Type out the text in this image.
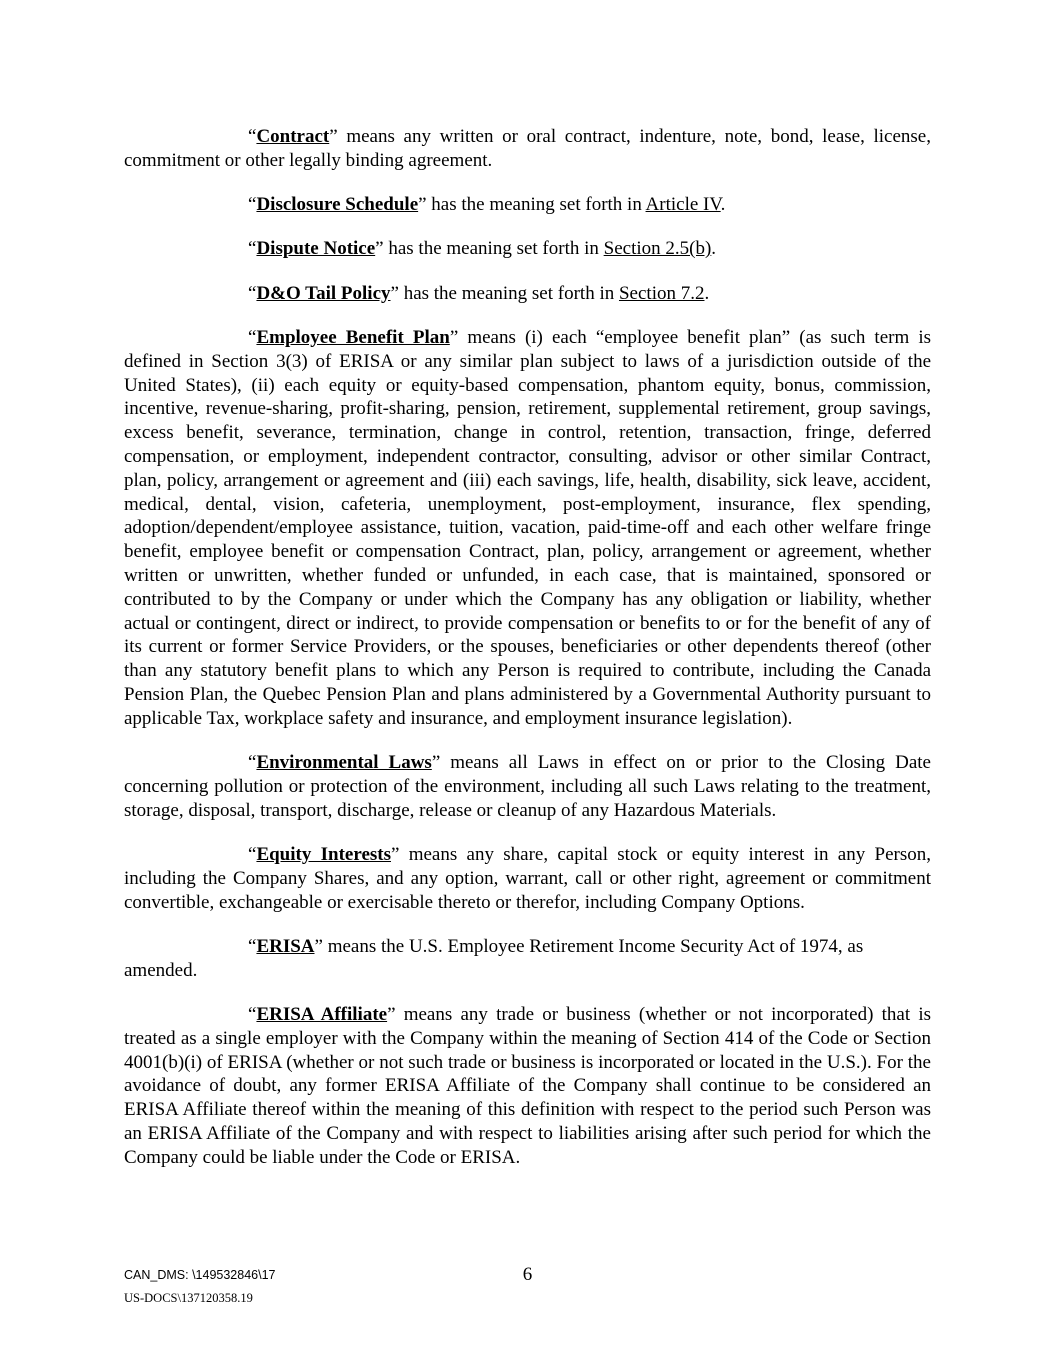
“Contract” means any written or oral contract, indenture, note, bond, lease, license, commitment or other legally binding agreement.

“Disclosure Schedule” has the meaning set forth in Article IV.

“Dispute Notice” has the meaning set forth in Section 2.5(b).

“D&O Tail Policy” has the meaning set forth in Section 7.2.

“Employee Benefit Plan” means (i) each “employee benefit plan” (as such term is defined in Section 3(3) of ERISA or any similar plan subject to laws of a jurisdiction outside of the United States), (ii) each equity or equity-based compensation, phantom equity, bonus, commission, incentive, revenue-sharing, profit-sharing, pension, retirement, supplemental retirement, group savings, excess benefit, severance, termination, change in control, retention, transaction, fringe, deferred compensation, or employment, independent contractor, consulting, advisor or other similar Contract, plan, policy, arrangement or agreement and (iii) each savings, life, health, disability, sick leave, accident, medical, dental, vision, cafeteria, unemployment, post-employment, insurance, flex spending, adoption/dependent/employee assistance, tuition, vacation, paid-time-off and each other welfare fringe benefit, employee benefit or compensation Contract, plan, policy, arrangement or agreement, whether written or unwritten, whether funded or unfunded, in each case, that is maintained, sponsored or contributed to by the Company or under which the Company has any obligation or liability, whether actual or contingent, direct or indirect, to provide compensation or benefits to or for the benefit of any of its current or former Service Providers, or the spouses, beneficiaries or other dependents thereof (other than any statutory benefit plans to which any Person is required to contribute, including the Canada Pension Plan, the Quebec Pension Plan and plans administered by a Governmental Authority pursuant to applicable Tax, workplace safety and insurance, and employment insurance legislation).

“Environmental Laws” means all Laws in effect on or prior to the Closing Date concerning pollution or protection of the environment, including all such Laws relating to the treatment, storage, disposal, transport, discharge, release or cleanup of any Hazardous Materials.

“Equity Interests” means any share, capital stock or equity interest in any Person, including the Company Shares, and any option, warrant, call or other right, agreement or commitment convertible, exchangeable or exercisable thereto or therefor, including Company Options.

“ERISA” means the U.S. Employee Retirement Income Security Act of 1974, as amended.

“ERISA Affiliate” means any trade or business (whether or not incorporated) that is treated as a single employer with the Company within the meaning of Section 414 of the Code or Section 4001(b)(i) of ERISA (whether or not such trade or business is incorporated or located in the U.S.). For the avoidance of doubt, any former ERISA Affiliate of the Company shall continue to be considered an ERISA Affiliate thereof within the meaning of this definition with respect to the period such Person was an ERISA Affiliate of the Company and with respect to liabilities arising after such period for which the Company could be liable under the Code or ERISA.

CAN_DMS: \149532846\17
US-DOCS\137120358.19
6
